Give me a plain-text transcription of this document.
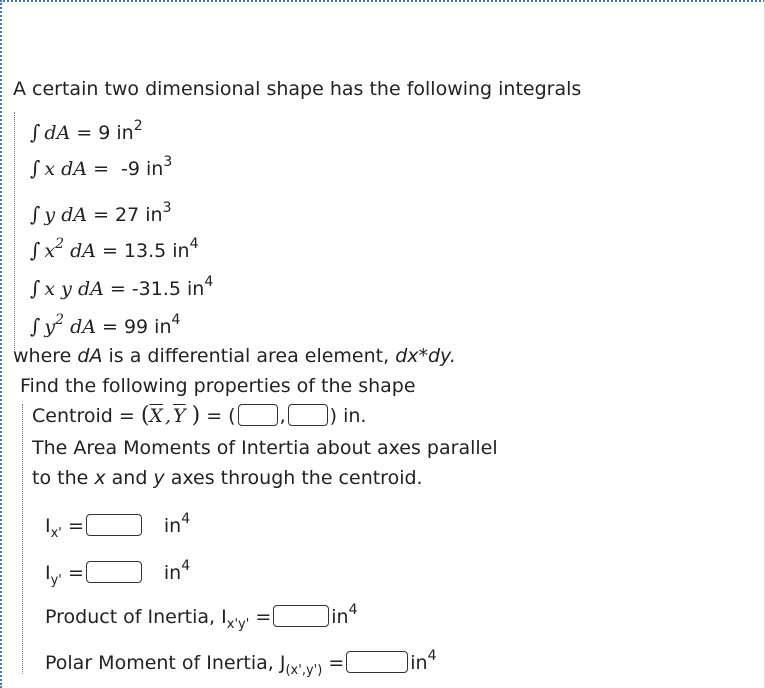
A certain two dimensional shape has the following integrals
∫ dA = 9 $in^2$
∫ x dA = -9 $in^3$
∫ y dA = 27 $in^3$
∫ $x^2$ dA = 13.5 $in^4$
∫ x y dA = -31.5 $in^4$
∫ $y^2$ dA = 99 $in^4$
where dA is a differential area element, dx*dy.
Find the following properties of the shape
Centroid = ($\overline{X}$ , $\overline{Y}$ ) = ( , ) in.
The Area Moments of Intertia about axes parallel
to the x and y axes through the centroid.
$I_{x'}$ =	$in^4$
$I_{y'}$ =	$in^4$
Product of Inertia, $I_{x'y'}$ =	$in^4$
Polar Moment of Inertia, $J_{(x',y')}$ =	$in^4$
